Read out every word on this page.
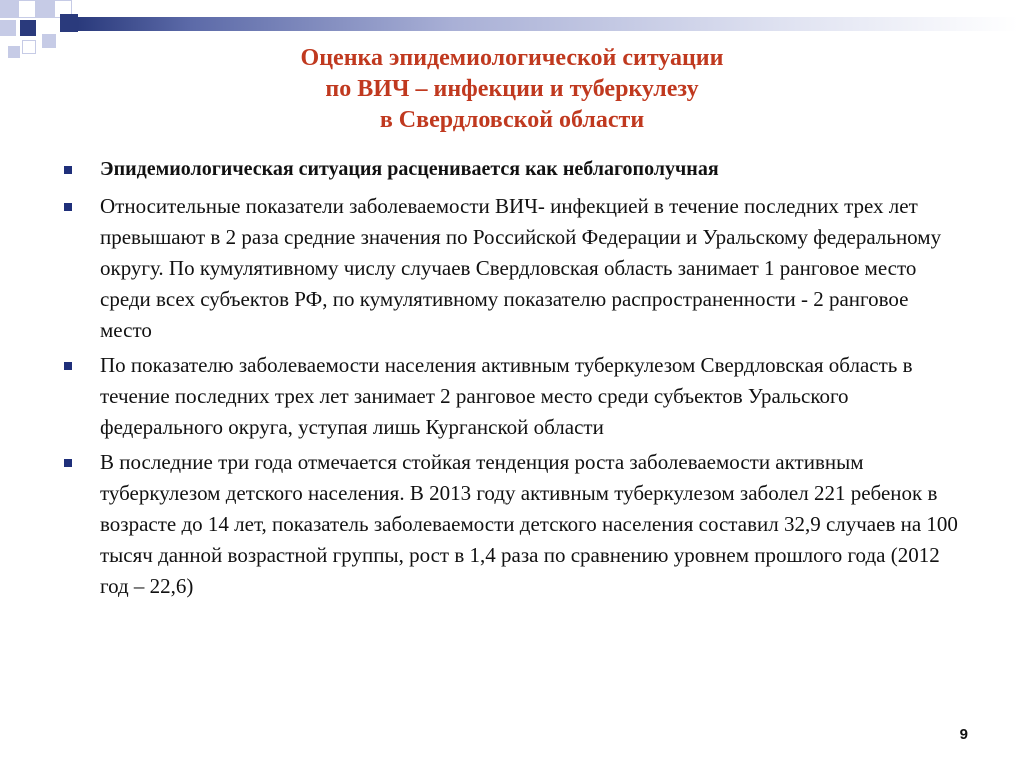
Оценка эпидемиологической ситуации
по ВИЧ – инфекции и туберкулезу
в Свердловской области
Эпидемиологическая ситуация расценивается как неблагополучная
Относительные показатели заболеваемости ВИЧ- инфекцией в течение последних трех лет превышают в 2 раза средние значения по Российской Федерации и Уральскому федеральному округу. По кумулятивному числу случаев Свердловская область занимает 1 ранговое место среди всех субъектов РФ, по кумулятивному показателю распространенности - 2 ранговое место
По показателю заболеваемости населения активным туберкулезом Свердловская область в течение последних трех лет занимает 2 ранговое место среди субъектов Уральского федерального округа, уступая лишь Курганской области
В последние три года отмечается стойкая тенденция роста заболеваемости активным туберкулезом детского населения. В 2013 году активным туберкулезом заболел 221 ребенок в возрасте до 14 лет, показатель заболеваемости детского населения составил 32,9 случаев на 100 тысяч данной возрастной группы, рост в 1,4 раза по сравнению уровнем прошлого года (2012 год – 22,6)
9
